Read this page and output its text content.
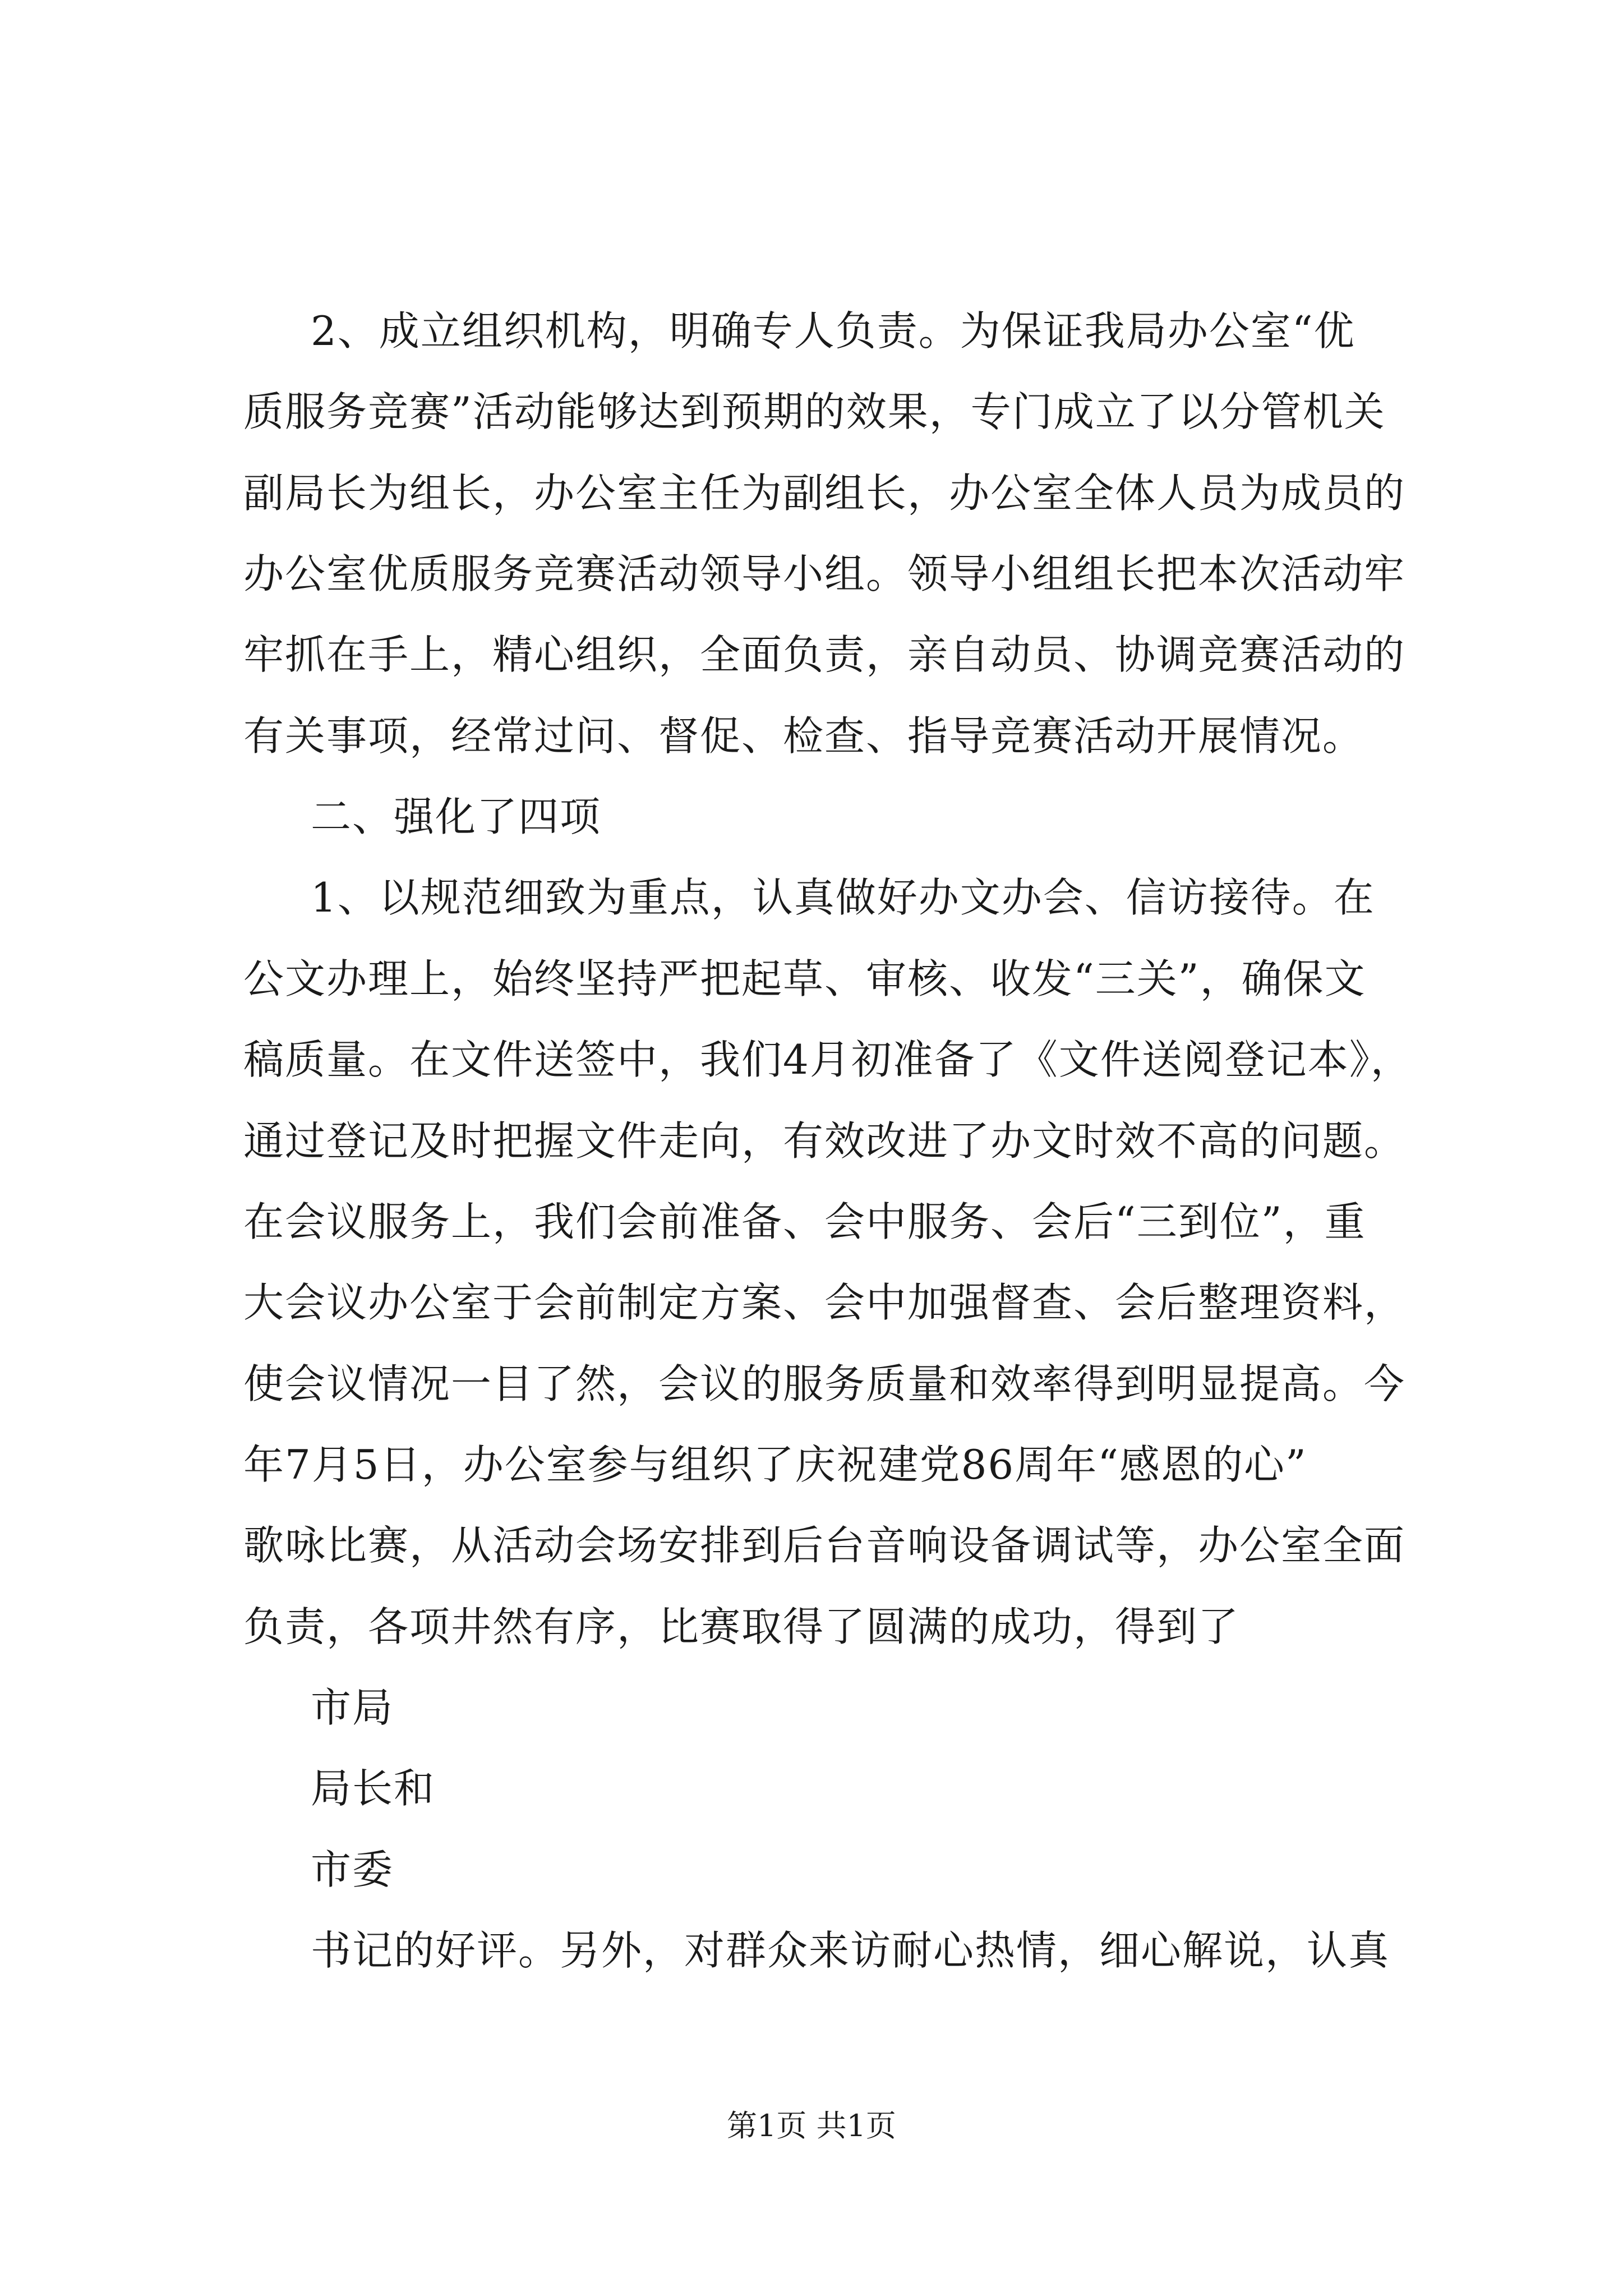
2、成立组织机构，明确专人负责。为保证我局办公室“优
质服务竞赛”活动能够达到预期的效果，专门成立了以分管机关
副局长为组长，办公室主任为副组长，办公室全体人员为成员的
办公室优质服务竞赛活动领导小组。领导小组组长把本次活动牢
牢抓在手上，精心组织，全面负责，亲自动员、协调竞赛活动的
有关事项，经常过问、督促、检查、指导竞赛活动开展情况。
二、强化了四项
1、以规范细致为重点，认真做好办文办会、信访接待。在
公文办理上，始终坚持严把起草、审核、收发“三关”，确保文
稿质量。在文件送签中，我们4月初准备了《文件送阅登记本》，
通过登记及时把握文件走向，有效改进了办文时效不高的问题。
在会议服务上，我们会前准备、会中服务、会后“三到位”，重
大会议办公室于会前制定方案、会中加强督查、会后整理资料，
使会议情况一目了然，会议的服务质量和效率得到明显提高。今
年7月5日，办公室参与组织了庆祝建党86周年“感恩的心”
歌咏比赛，从活动会场安排到后台音响设备调试等，办公室全面
负责，各项井然有序，比赛取得了圆满的成功，得到了
市局
局长和
市委
书记的好评。另外，对群众来访耐心热情，细心解说，认真
第1页 共1页
